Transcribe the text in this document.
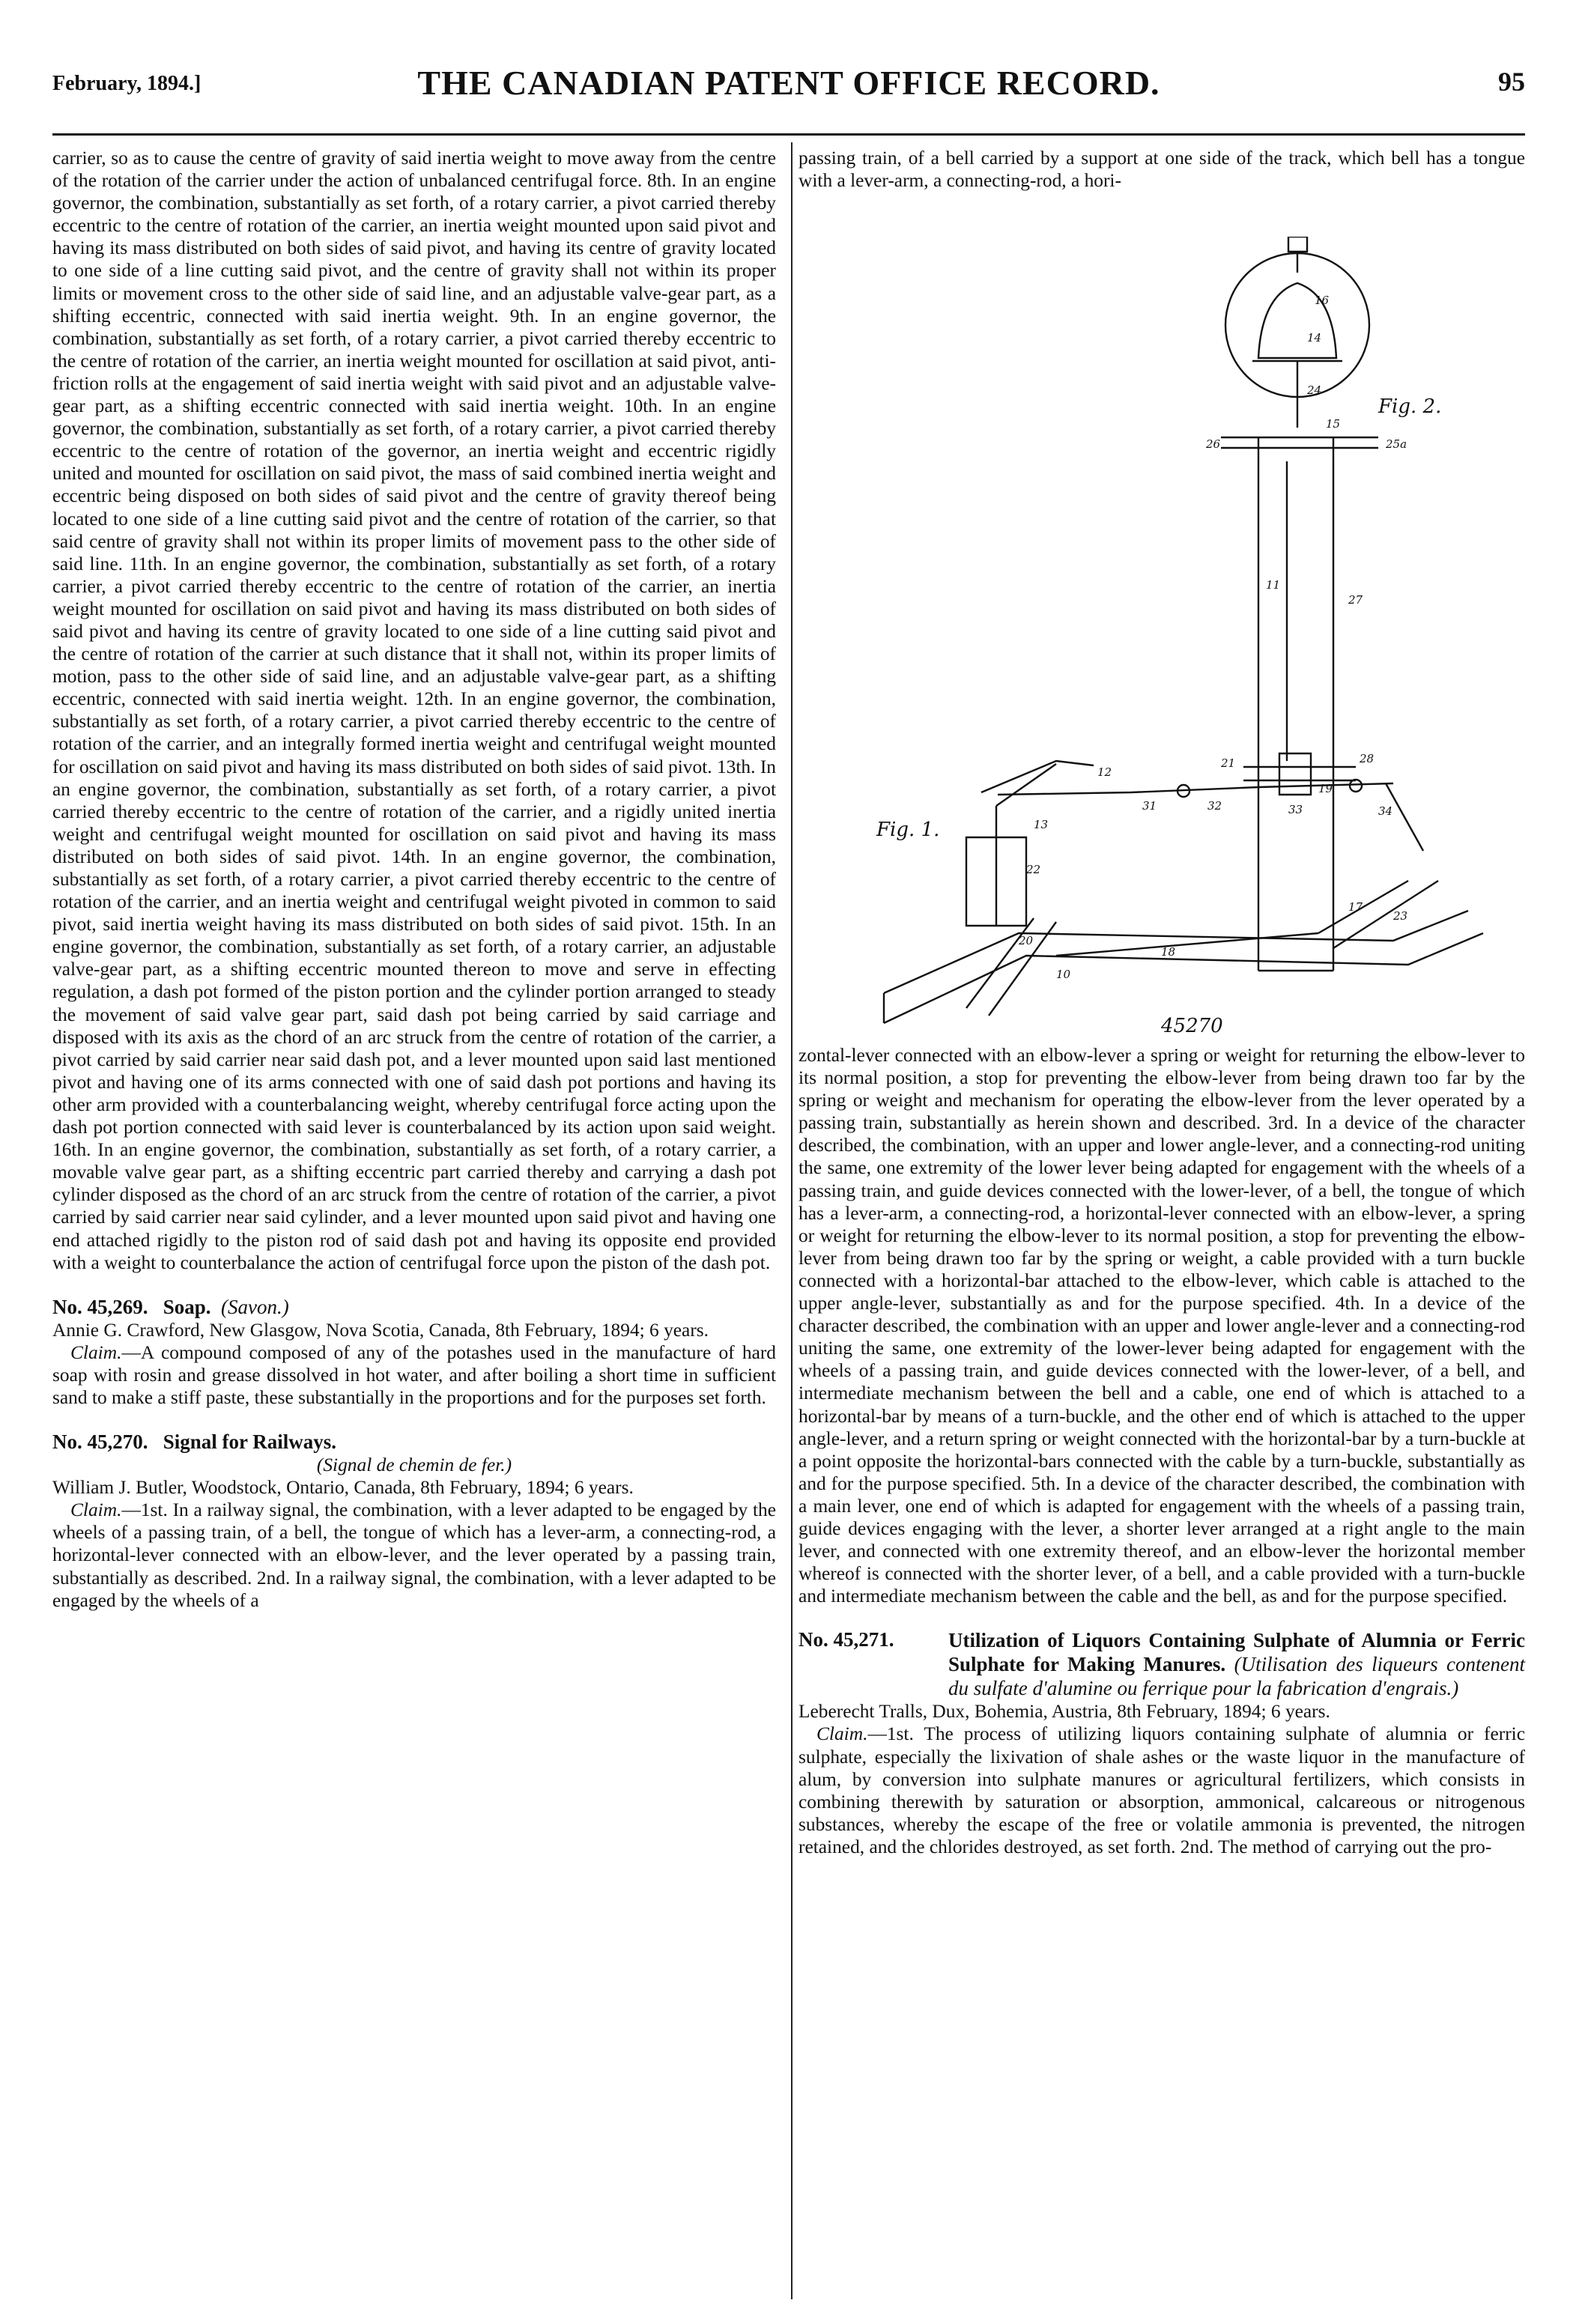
February, 1894.]	THE CANADIAN PATENT OFFICE RECORD.	95

carrier, so as to cause the centre of gravity of said inertia weight to move away from the centre of the rotation of the carrier under the action of unbalanced centrifugal force. 8th. In an engine governor, the combination, substantially as set forth, of a rotary carrier, a pivot carried thereby eccentric to the centre of rotation of the carrier, an inertia weight mounted upon said pivot and having its mass distributed on both sides of said pivot, and having its centre of gravity located to one side of a line cutting said pivot, and the centre of gravity shall not within its proper limits or movement cross to the other side of said line, and an adjustable valve-gear part, as a shifting eccentric, connected with said inertia weight. 9th. In an engine governor, the combination, substantially as set forth, of a rotary carrier, a pivot carried thereby eccentric to the centre of rotation of the carrier, an inertia weight mounted for oscillation at said pivot, anti-friction rolls at the engagement of said inertia weight with said pivot and an adjustable valve-gear part, as a shifting eccentric connected with said inertia weight. 10th. In an engine governor, the combination, substantially as set forth, of a rotary carrier, a pivot carried thereby eccentric to the centre of rotation of the governor, an inertia weight and eccentric rigidly united and mounted for oscillation on said pivot, the mass of said combined inertia weight and eccentric being disposed on both sides of said pivot and the centre of gravity thereof being located to one side of a line cutting said pivot and the centre of rotation of the carrier, so that said centre of gravity shall not within its proper limits of movement pass to the other side of said line. 11th. In an engine governor, the combination, substantially as set forth, of a rotary carrier, a pivot carried thereby eccentric to the centre of rotation of the carrier, an inertia weight mounted for oscillation on said pivot and having its mass distributed on both sides of said pivot and having its centre of gravity located to one side of a line cutting said pivot and the centre of rotation of the carrier at such distance that it shall not, within its proper limits of motion, pass to the other side of said line, and an adjustable valve-gear part, as a shifting eccentric, connected with said inertia weight. 12th. In an engine governor, the combination, substantially as set forth, of a rotary carrier, a pivot carried thereby eccentric to the centre of rotation of the carrier, and an integrally formed inertia weight and centrifugal weight mounted for oscillation on said pivot and having its mass distributed on both sides of said pivot. 13th. In an engine governor, the combination, substantially as set forth, of a rotary carrier, a pivot carried thereby eccentric to the centre of rotation of the carrier, and a rigidly united inertia weight and centrifugal weight mounted for oscillation on said pivot and having its mass distributed on both sides of said pivot. 14th. In an engine governor, the combination, substantially as set forth, of a rotary carrier, a pivot carried thereby eccentric to the centre of rotation of the carrier, and an inertia weight and centrifugal weight pivoted in common to said pivot, said inertia weight having its mass distributed on both sides of said pivot. 15th. In an engine governor, the combination, substantially as set forth, of a rotary carrier, an adjustable valve-gear part, as a shifting eccentric mounted thereon to move and serve in effecting regulation, a dash pot formed of the piston portion and the cylinder portion arranged to steady the movement of said valve gear part, said dash pot being carried by said carriage and disposed with its axis as the chord of an arc struck from the centre of rotation of the carrier, a pivot carried by said carrier near said dash pot, and a lever mounted upon said last mentioned pivot and having one of its arms connected with one of said dash pot portions and having its other arm provided with a counterbalancing weight, whereby centrifugal force acting upon the dash pot portion connected with said lever is counterbalanced by its action upon said weight. 16th. In an engine governor, the combination, substantially as set forth, of a rotary carrier, a movable valve gear part, as a shifting eccentric part carried thereby and carrying a dash pot cylinder disposed as the chord of an arc struck from the centre of rotation of the carrier, a pivot carried by said carrier near said cylinder, and a lever mounted upon said pivot and having one end attached rigidly to the piston rod of said dash pot and having its opposite end provided with a weight to counterbalance the action of centrifugal force upon the piston of the dash pot.

No. 45,269. Soap. (Savon.)

Annie G. Crawford, New Glasgow, Nova Scotia, Canada, 8th February, 1894; 6 years.

Claim.—A compound composed of any of the potashes used in the manufacture of hard soap with rosin and grease dissolved in hot water, and after boiling a short time in sufficient sand to make a stiff paste, these substantially in the proportions and for the purposes set forth.

No. 45,270. Signal for Railways.

(Signal de chemin de fer.)

William J. Butler, Woodstock, Ontario, Canada, 8th February, 1894; 6 years.

Claim.—1st. In a railway signal, the combination, with a lever adapted to be engaged by the wheels of a passing train, of a bell, the tongue of which has a lever-arm, a connecting-rod, a horizontal-lever connected with an elbow-lever, and the lever operated by a passing train, substantially as described. 2nd. In a railway signal, the combination, with a lever adapted to be engaged by the wheels of a

passing train, of a bell carried by a support at one side of the track, which bell has a tongue with a lever-arm, a connecting-rod, a hori-

16
14
24
15
25a
26
11
27
21
19
28
31	32	33	34
13
12
20
18
10
17
22
23
Fig. 2.
Fig. 1.
45270

zontal-lever connected with an elbow-lever a spring or weight for returning the elbow-lever to its normal position, a stop for preventing the elbow-lever from being drawn too far by the spring or weight and mechanism for operating the elbow-lever from the lever operated by a passing train, substantially as herein shown and described. 3rd. In a device of the character described, the combination, with an upper and lower angle-lever, and a connecting-rod uniting the same, one extremity of the lower lever being adapted for engagement with the wheels of a passing train, and guide devices connected with the lower-lever, of a bell, the tongue of which has a lever-arm, a connecting-rod, a horizontal-lever connected with an elbow-lever, a spring or weight for returning the elbow-lever to its normal position, a stop for preventing the elbow-lever from being drawn too far by the spring or weight, a cable provided with a turn buckle connected with a horizontal-bar attached to the elbow-lever, which cable is attached to the upper angle-lever, substantially as and for the purpose specified. 4th. In a device of the character described, the combination with an upper and lower angle-lever and a connecting-rod uniting the same, one extremity of the lower-lever being adapted for engagement with the wheels of a passing train, and guide devices connected with the lower-lever, of a bell, and intermediate mechanism between the bell and a cable, one end of which is attached to a horizontal-bar by means of a turn-buckle, and the other end of which is attached to the upper angle-lever, and a return spring or weight connected with the horizontal-bar by a turn-buckle at a point opposite the horizontal-bars connected with the cable by a turn-buckle, substantially as and for the purpose specified. 5th. In a device of the character described, the combination with a main lever, one end of which is adapted for engagement with the wheels of a passing train, guide devices engaging with the lever, a shorter lever arranged at a right angle to the main lever, and connected with one extremity thereof, and an elbow-lever the horizontal member whereof is connected with the shorter lever, of a bell, and a cable provided with a turn-buckle and intermediate mechanism between the cable and the bell, as and for the purpose specified.

No. 45,271.	Utilization of Liquors Containing Sulphate of Alumnia or Ferric Sulphate for Making Manures. (Utilisation des liqueurs contenent du sulfate d'alumine ou ferrique pour la fabrication d'engrais.)

Leberecht Tralls, Dux, Bohemia, Austria, 8th February, 1894; 6 years.

Claim.—1st. The process of utilizing liquors containing sulphate of alumnia or ferric sulphate, especially the lixivation of shale ashes or the waste liquor in the manufacture of alum, by conversion into sulphate manures or agricultural fertilizers, which consists in combining therewith by saturation or absorption, ammonical, calcareous or nitrogenous substances, whereby the escape of the free or volatile ammonia is prevented, the nitrogen retained, and the chlorides destroyed, as set forth. 2nd. The method of carrying out the pro-
